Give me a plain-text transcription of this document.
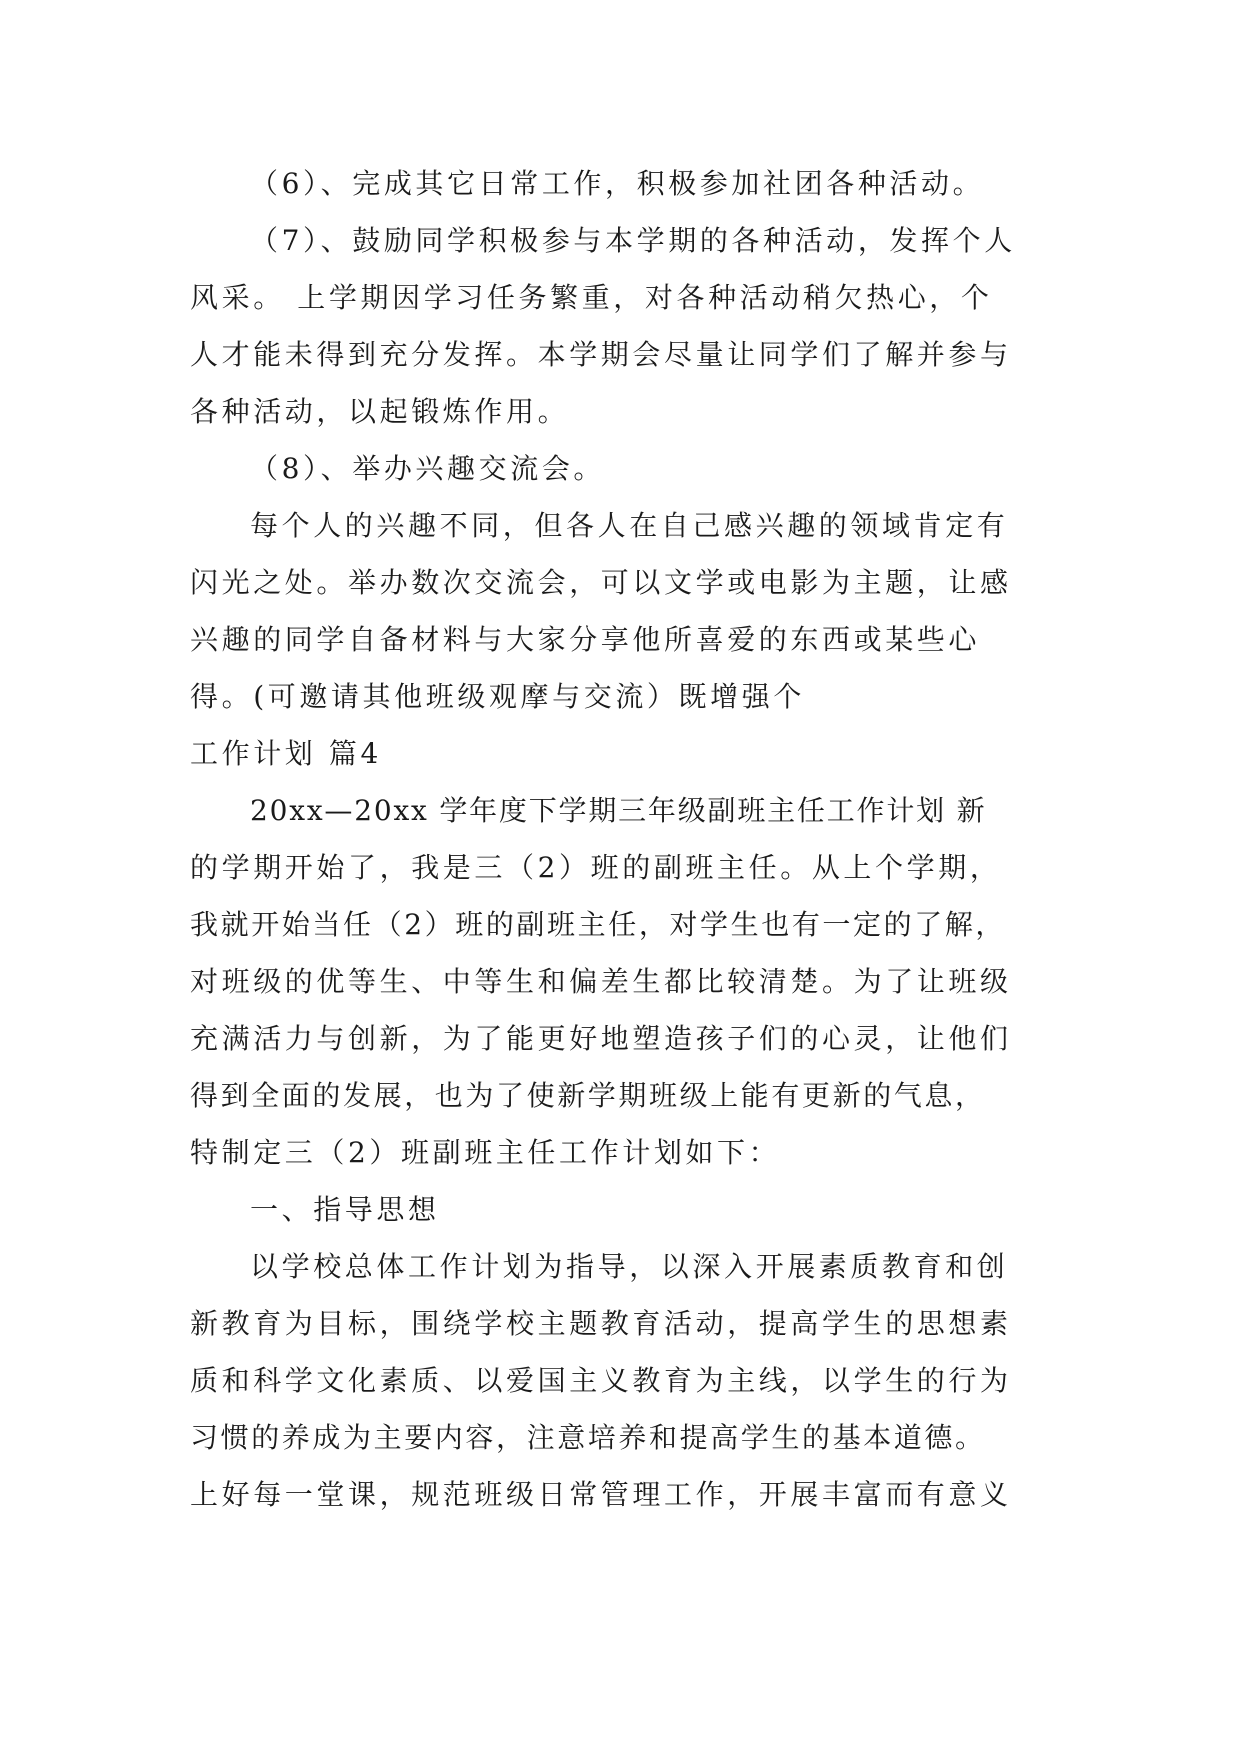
（6）、完成其它日常工作，积极参加社团各种活动。
（7）、鼓励同学积极参与本学期的各种活动，发挥个人
风采。 上学期因学习任务繁重，对各种活动稍欠热心，个
人才能未得到充分发挥。本学期会尽量让同学们了解并参与
各种活动，以起锻炼作用。
（8）、举办兴趣交流会。
每个人的兴趣不同，但各人在自己感兴趣的领域肯定有
闪光之处。举办数次交流会，可以文学或电影为主题，让感
兴趣的同学自备材料与大家分享他所喜爱的东西或某些心
得。(可邀请其他班级观摩与交流）既增强个
工作计划 篇4
20xx—20xx 学年度下学期三年级副班主任工作计划 新
的学期开始了，我是三（2）班的副班主任。从上个学期，
我就开始当任（2）班的副班主任，对学生也有一定的了解，
对班级的优等生、中等生和偏差生都比较清楚。为了让班级
充满活力与创新，为了能更好地塑造孩子们的心灵，让他们
得到全面的发展，也为了使新学期班级上能有更新的气息，
特制定三（2）班副班主任工作计划如下：
一、指导思想
以学校总体工作计划为指导，以深入开展素质教育和创
新教育为目标，围绕学校主题教育活动，提高学生的思想素
质和科学文化素质、以爱国主义教育为主线，以学生的行为
习惯的养成为主要内容，注意培养和提高学生的基本道德。
上好每一堂课，规范班级日常管理工作，开展丰富而有意义
